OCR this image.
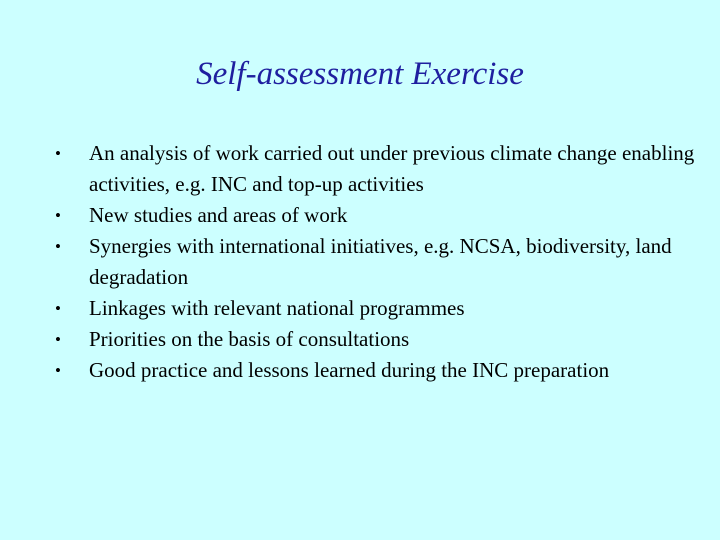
Self-assessment Exercise
•	An analysis of work carried out under previous climate change enabling activities, e.g. INC and top-up activities
•	New studies and areas of work
•	Synergies with international initiatives, e.g. NCSA, biodiversity, land degradation
•	Linkages with relevant national programmes
•	Priorities on the basis of consultations
•	Good practice and lessons learned during the INC preparation
